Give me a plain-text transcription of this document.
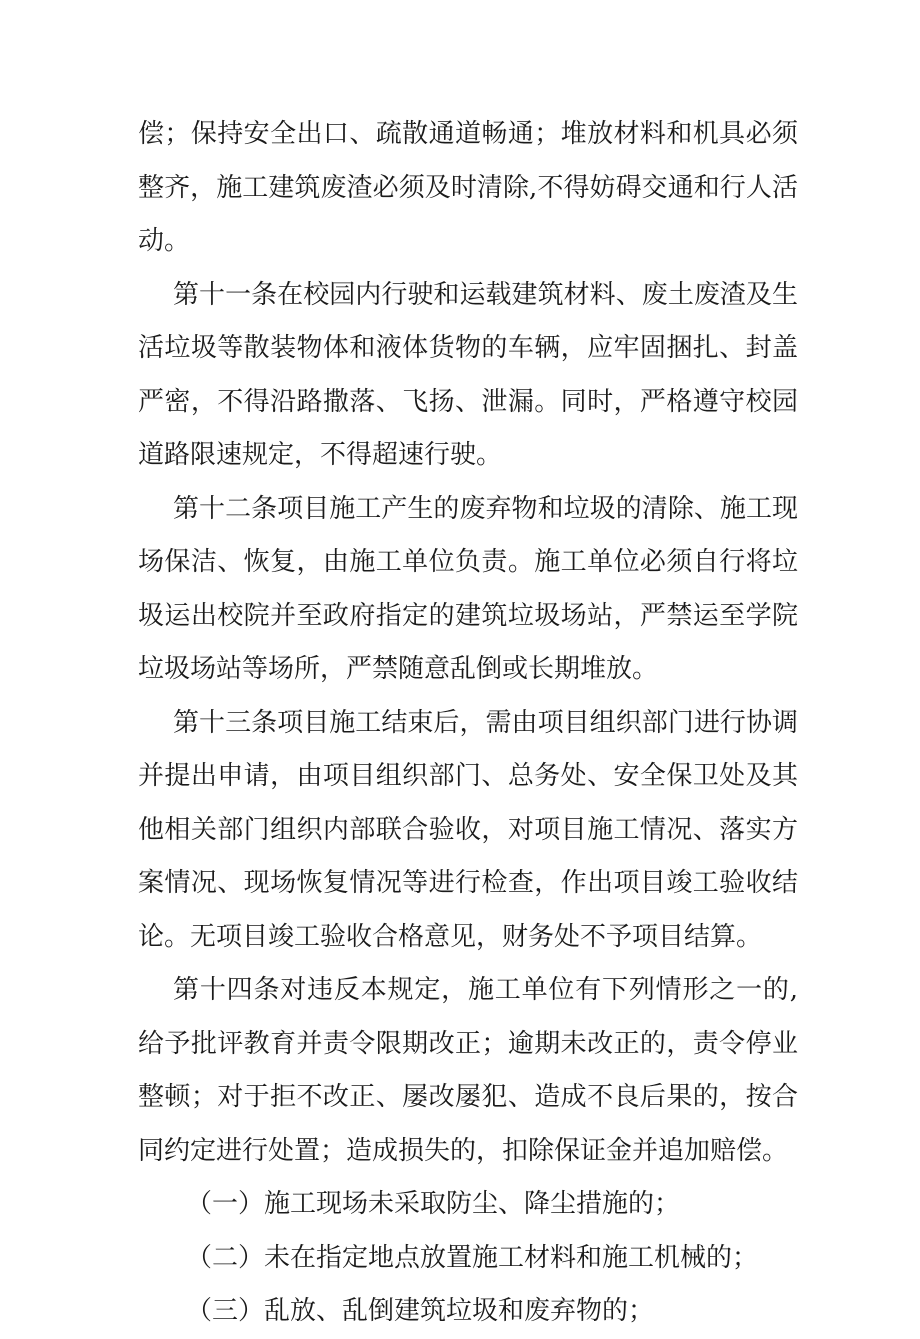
偿；保持安全出口、疏散通道畅通；堆放材料和机具必须整齐，施工建筑废渣必须及时清除,不得妨碍交通和行人活动。

第十一条在校园内行驶和运载建筑材料、废土废渣及生活垃圾等散装物体和液体货物的车辆，应牢固捆扎、封盖严密，不得沿路撒落、飞扬、泄漏。同时，严格遵守校园道路限速规定，不得超速行驶。

第十二条项目施工产生的废弃物和垃圾的清除、施工现场保洁、恢复，由施工单位负责。施工单位必须自行将垃圾运出校院并至政府指定的建筑垃圾场站，严禁运至学院垃圾场站等场所，严禁随意乱倒或长期堆放。

第十三条项目施工结束后，需由项目组织部门进行协调并提出申请，由项目组织部门、总务处、安全保卫处及其他相关部门组织内部联合验收，对项目施工情况、落实方案情况、现场恢复情况等进行检查，作出项目竣工验收结论。无项目竣工验收合格意见，财务处不予项目结算。

第十四条对违反本规定，施工单位有下列情形之一的,给予批评教育并责令限期改正；逾期未改正的，责令停业整顿；对于拒不改正、屡改屡犯、造成不良后果的，按合同约定进行处置；造成损失的，扣除保证金并追加赔偿。

（一）施工现场未采取防尘、降尘措施的；

（二）未在指定地点放置施工材料和施工机械的；

（三）乱放、乱倒建筑垃圾和废弃物的；
